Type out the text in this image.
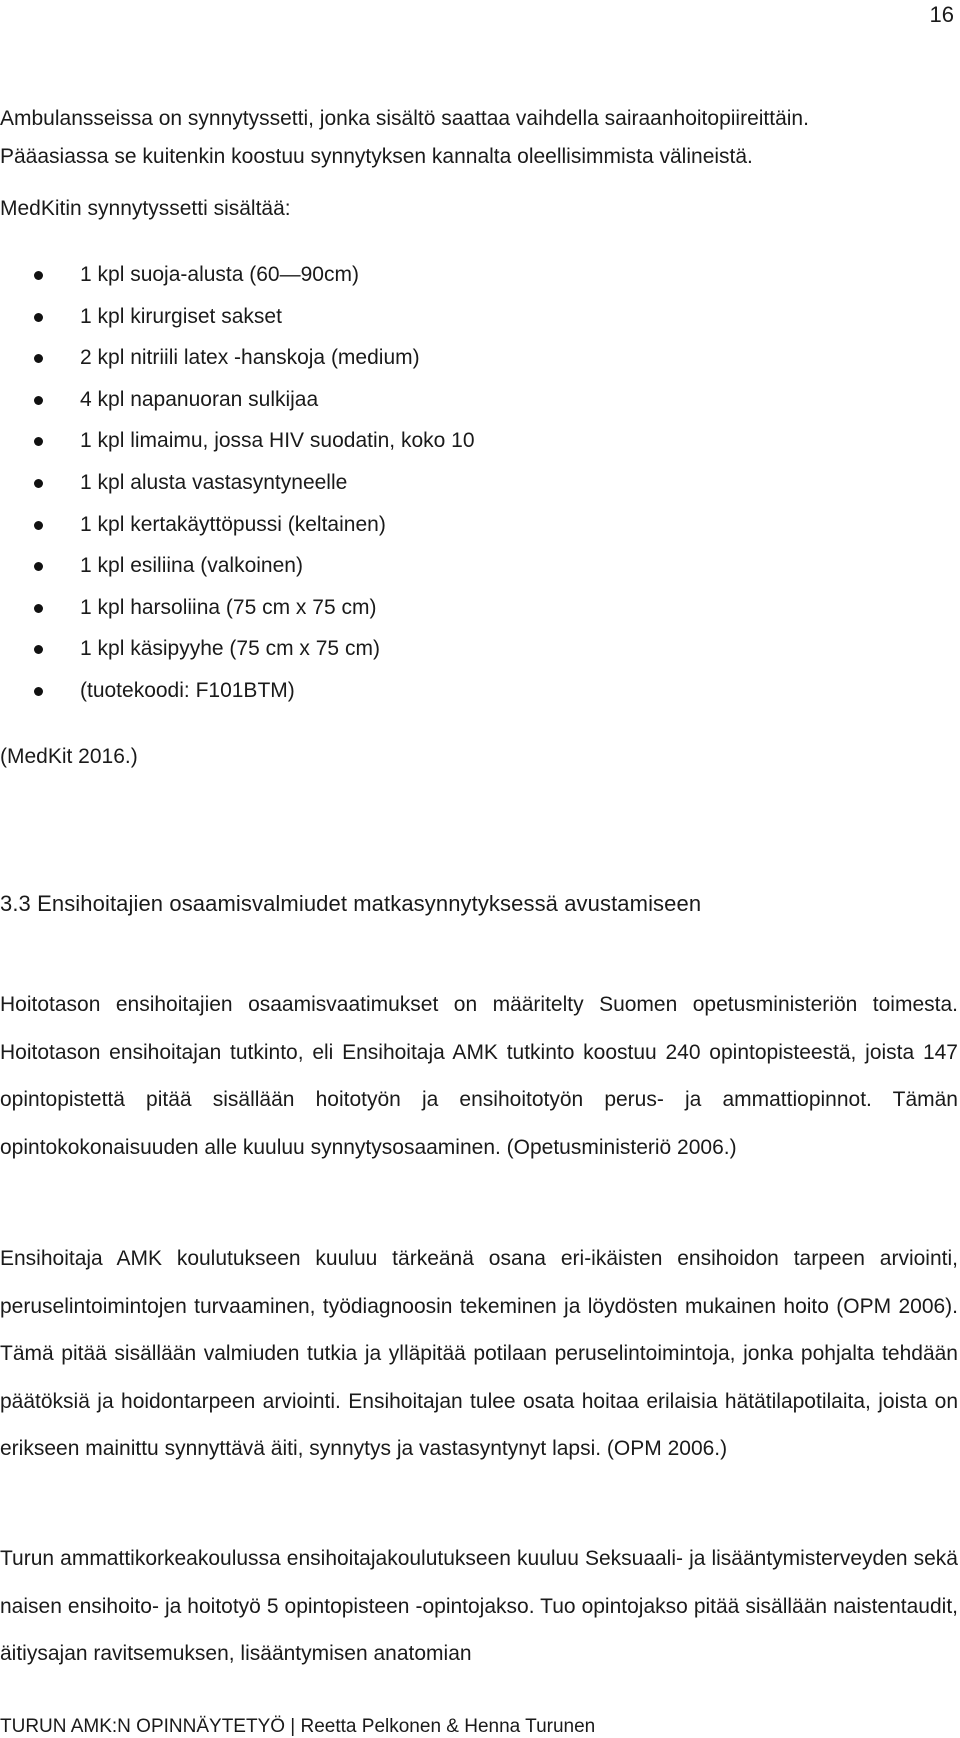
16
Ambulansseissa on synnytyssetti, jonka sisältö saattaa vaihdella sairaanhoitopiireittäin.
Pääasiassa se kuitenkin koostuu synnytyksen kannalta oleellisimmista välineistä.
MedKitin synnytyssetti sisältää:
1 kpl suoja-alusta (60—90cm)
1 kpl kirurgiset sakset
2 kpl nitriili latex -hanskoja (medium)
4 kpl napanuoran sulkijaa
1 kpl limaimu, jossa HIV suodatin, koko 10
1 kpl alusta vastasyntyneelle
1 kpl kertakäyttöpussi (keltainen)
1 kpl esiliina (valkoinen)
1 kpl harsoliina (75 cm x 75 cm)
1 kpl käsipyyhe (75 cm x 75 cm)
(tuotekoodi: F101BTM)
(MedKit 2016.)
3.3 Ensihoitajien osaamisvalmiudet matkasynnytyksessä avustamiseen

Hoitotason ensihoitajien osaamisvaatimukset on määritelty Suomen opetusministeriön toimesta. Hoitotason ensihoitajan tutkinto, eli Ensihoitaja AMK tutkinto koostuu 240 opintopisteestä, joista 147 opintopistettä pitää sisällään hoitotyön ja ensihoitotyön perus- ja ammattiopinnot. Tämän opintokokonaisuuden alle kuuluu synnytysosaaminen. (Opetusministeriö 2006.)

Ensihoitaja AMK koulutukseen kuuluu tärkeänä osana eri-ikäisten ensihoidon tarpeen arviointi, peruselintoimintojen turvaaminen, työdiagnoosin tekeminen ja löydösten mukainen hoito (OPM 2006). Tämä pitää sisällään valmiuden tutkia ja ylläpitää potilaan peruselintoimintoja, jonka pohjalta tehdään päätöksiä ja hoidontarpeen arviointi. Ensihoitajan tulee osata hoitaa erilaisia hätätilapotilaita, joista on erikseen mainittu synnyttävä äiti, synnytys ja vastasyntynyt lapsi. (OPM 2006.)

Turun ammattikorkeakoulussa ensihoitajakoulutukseen kuuluu Seksuaali- ja lisääntymisterveyden sekä naisen ensihoito- ja hoitotyö 5 opintopisteen -opintojakso. Tuo opintojakso pitää sisällään naistentaudit, äitiysajan ravitsemuksen, lisääntymisen anatomian

TURUN AMK:N OPINNÄYTETYÖ | Reetta Pelkonen & Henna Turunen
